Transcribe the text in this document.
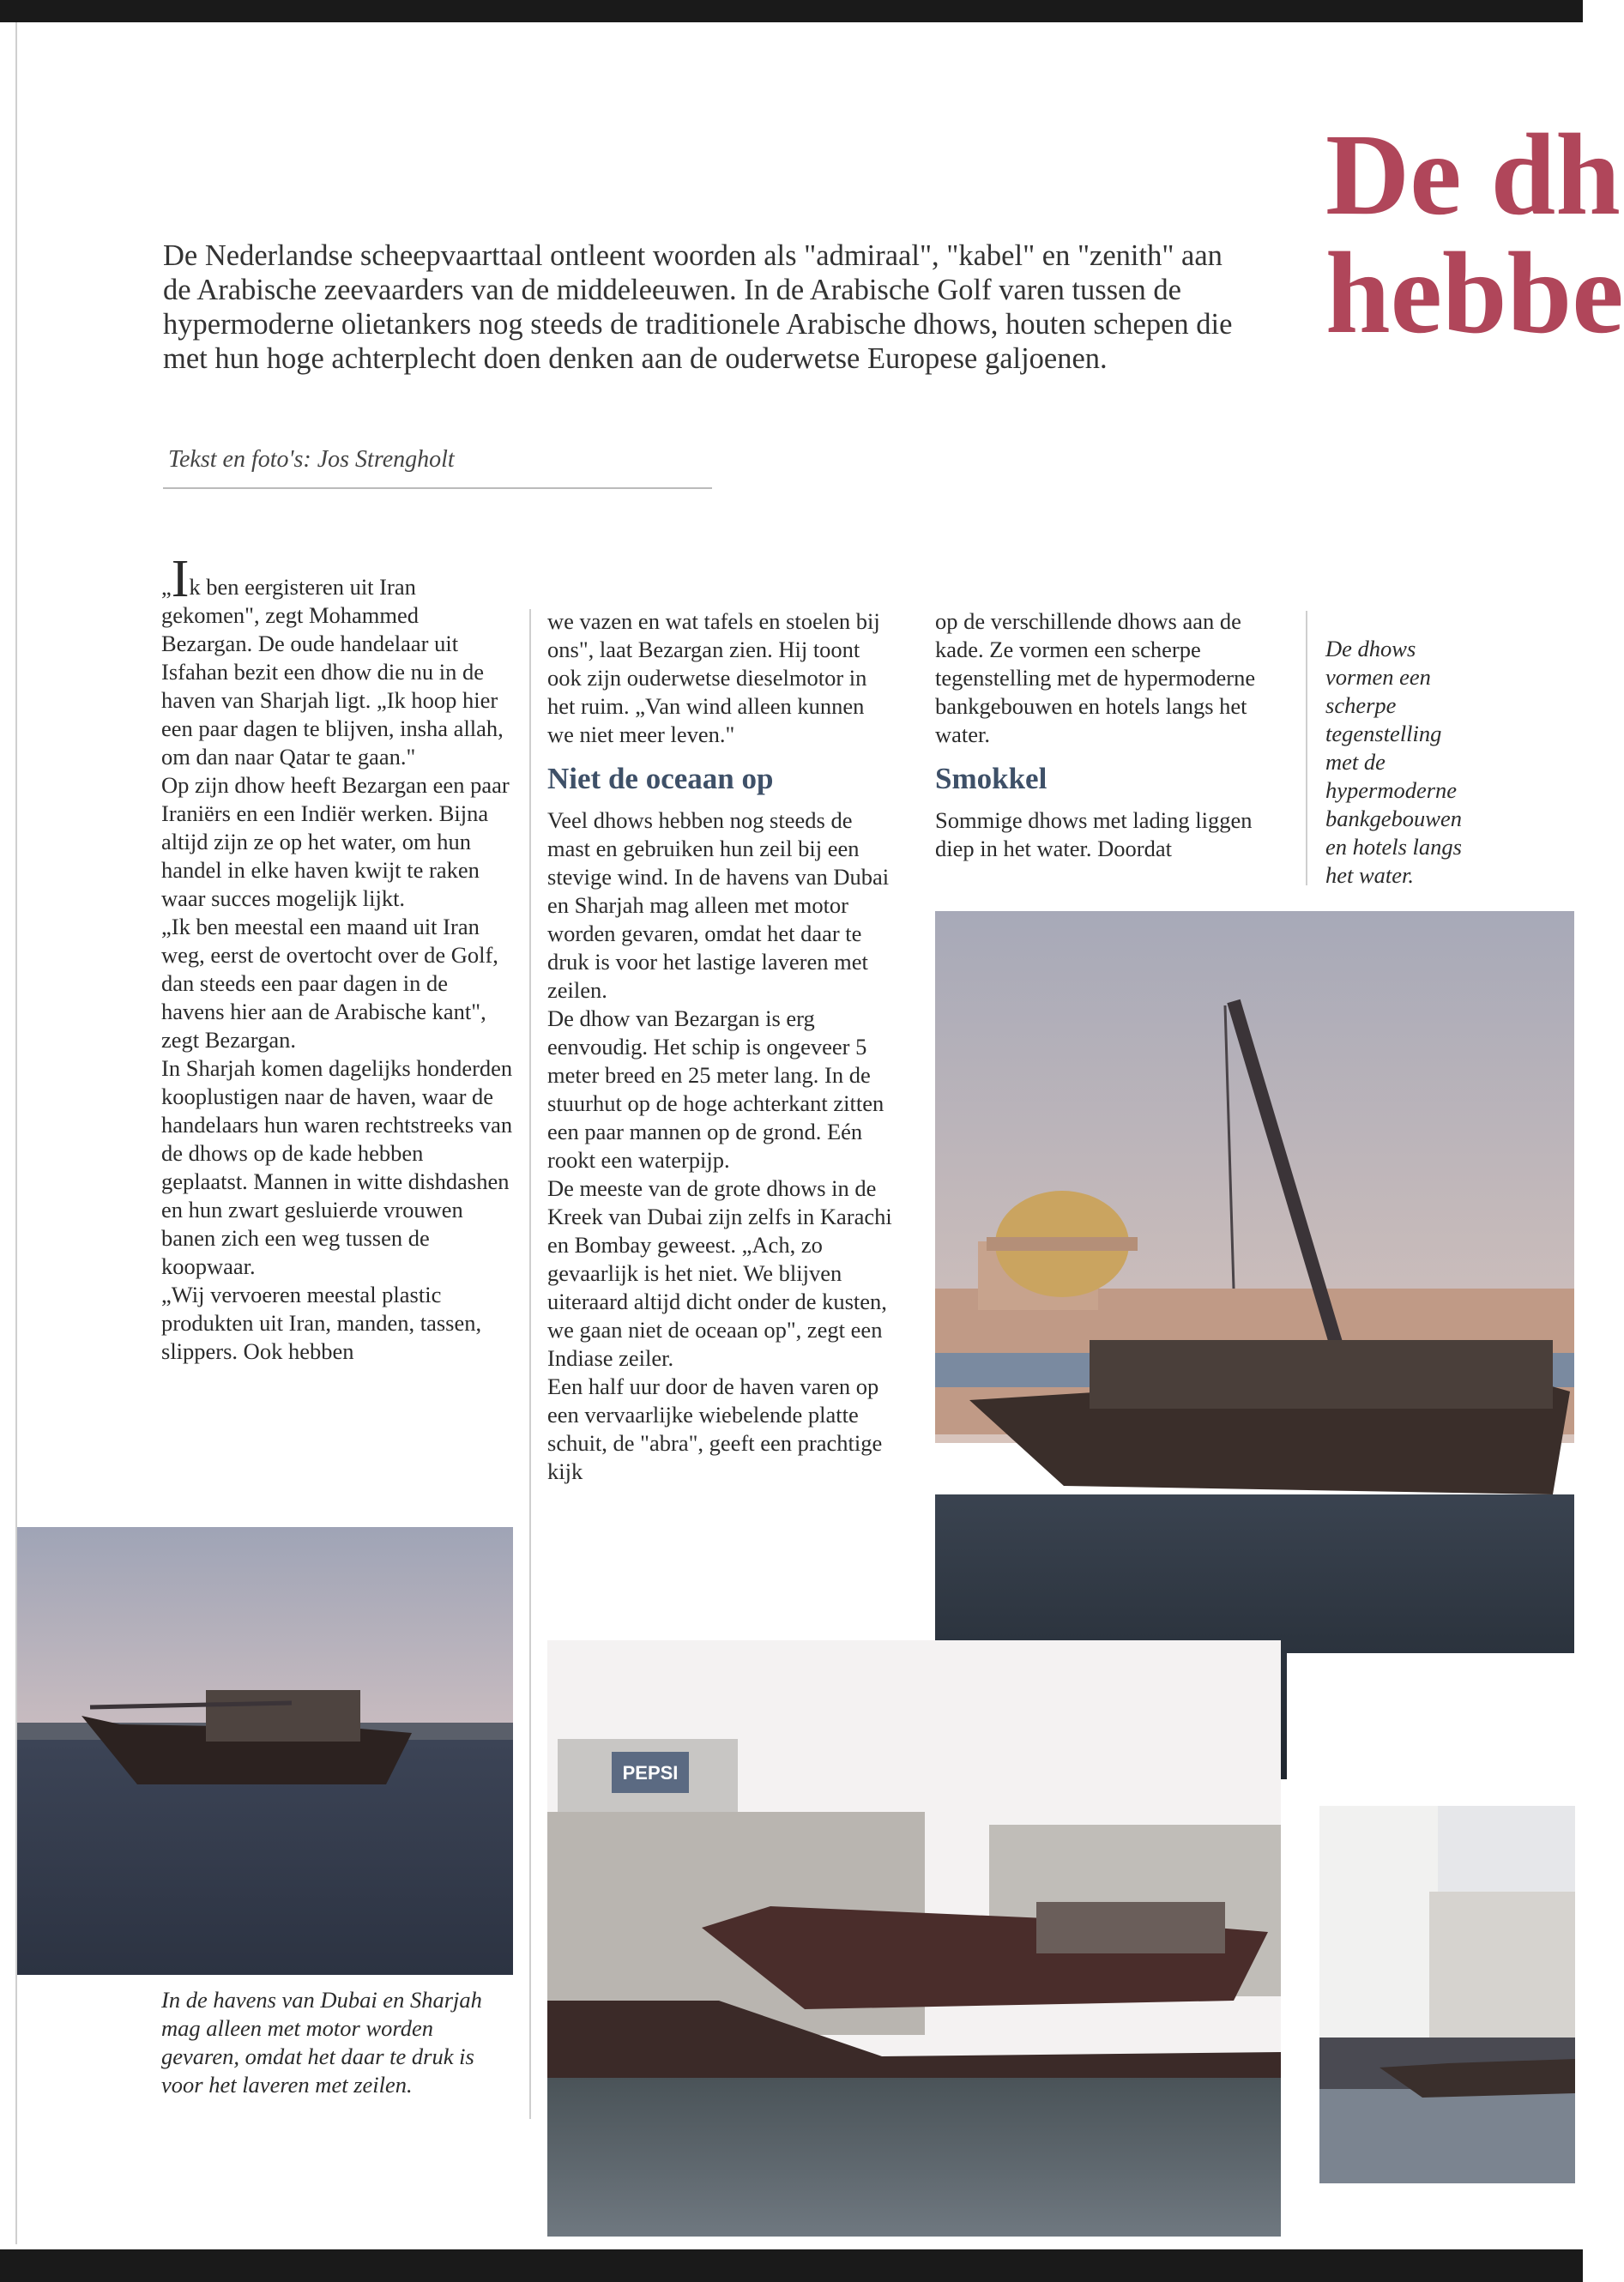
De dh
hebbe
De Nederlandse scheepvaarttaal ontleent woorden als "admiraal", "kabel" en "zenith" aan de Arabische zeevaarders van de middeleeuwen. In de Arabische Golf varen tussen de hypermoderne olietankers nog steeds de traditionele Arabische dhows, houten schepen die met hun hoge achterplecht doen denken aan de ouderwetse Europese galjoenen.
Tekst en foto's: Jos Strengholt

„Ik ben eergisteren uit Iran gekomen", zegt Mohammed Bezargan. De oude handelaar uit Isfahan bezit een dhow die nu in de haven van Sharjah ligt. „Ik hoop hier een paar dagen te blijven, insha allah, om dan naar Qatar te gaan."

Op zijn dhow heeft Bezargan een paar Iraniërs en een Indiër werken. Bijna altijd zijn ze op het water, om hun handel in elke haven kwijt te raken waar succes mogelijk lijkt.

„Ik ben meestal een maand uit Iran weg, eerst de overtocht over de Golf, dan steeds een paar dagen in de havens hier aan de Arabische kant", zegt Bezargan.

In Sharjah komen dagelijks honderden kooplustigen naar de haven, waar de handelaars hun waren rechtstreeks van de dhows op de kade hebben geplaatst. Mannen in witte dishdashen en hun zwart gesluierde vrouwen banen zich een weg tussen de koopwaar.

„Wij vervoeren meestal plastic produkten uit Iran, manden, tassen, slippers. Ook hebben

we vazen en wat tafels en stoelen bij ons", laat Bezargan zien. Hij toont ook zijn ouderwetse dieselmotor in het ruim. „Van wind alleen kunnen we niet meer leven."

Niet de oceaan op

Veel dhows hebben nog steeds de mast en gebruiken hun zeil bij een stevige wind. In de havens van Dubai en Sharjah mag alleen met motor worden gevaren, omdat het daar te druk is voor het lastige laveren met zeilen.

De dhow van Bezargan is erg eenvoudig. Het schip is ongeveer 5 meter breed en 25 meter lang. In de stuurhut op de hoge achterkant zitten een paar mannen op de grond. Eén rookt een waterpijp.

De meeste van de grote dhows in de Kreek van Dubai zijn zelfs in Karachi en Bombay geweest. „Ach, zo gevaarlijk is het niet. We blijven uiteraard altijd dicht onder de kusten, we gaan niet de oceaan op", zegt een Indiase zeiler.

Een half uur door de haven varen op een vervaarlijke wiebelende platte schuit, de "abra", geeft een prachtige kijk

op de verschillende dhows aan de kade. Ze vormen een scherpe tegenstelling met de hypermoderne bankgebouwen en hotels langs het water.

Smokkel

Sommige dhows met lading liggen diep in het water. Doordat

De dhows vormen een scherpe tegenstelling met de hypermoderne bankgebouwen en hotels langs het water.
PEPSI
In de havens van Dubai en Sharjah mag alleen met motor worden gevaren, omdat het daar te druk is voor het laveren met zeilen.
